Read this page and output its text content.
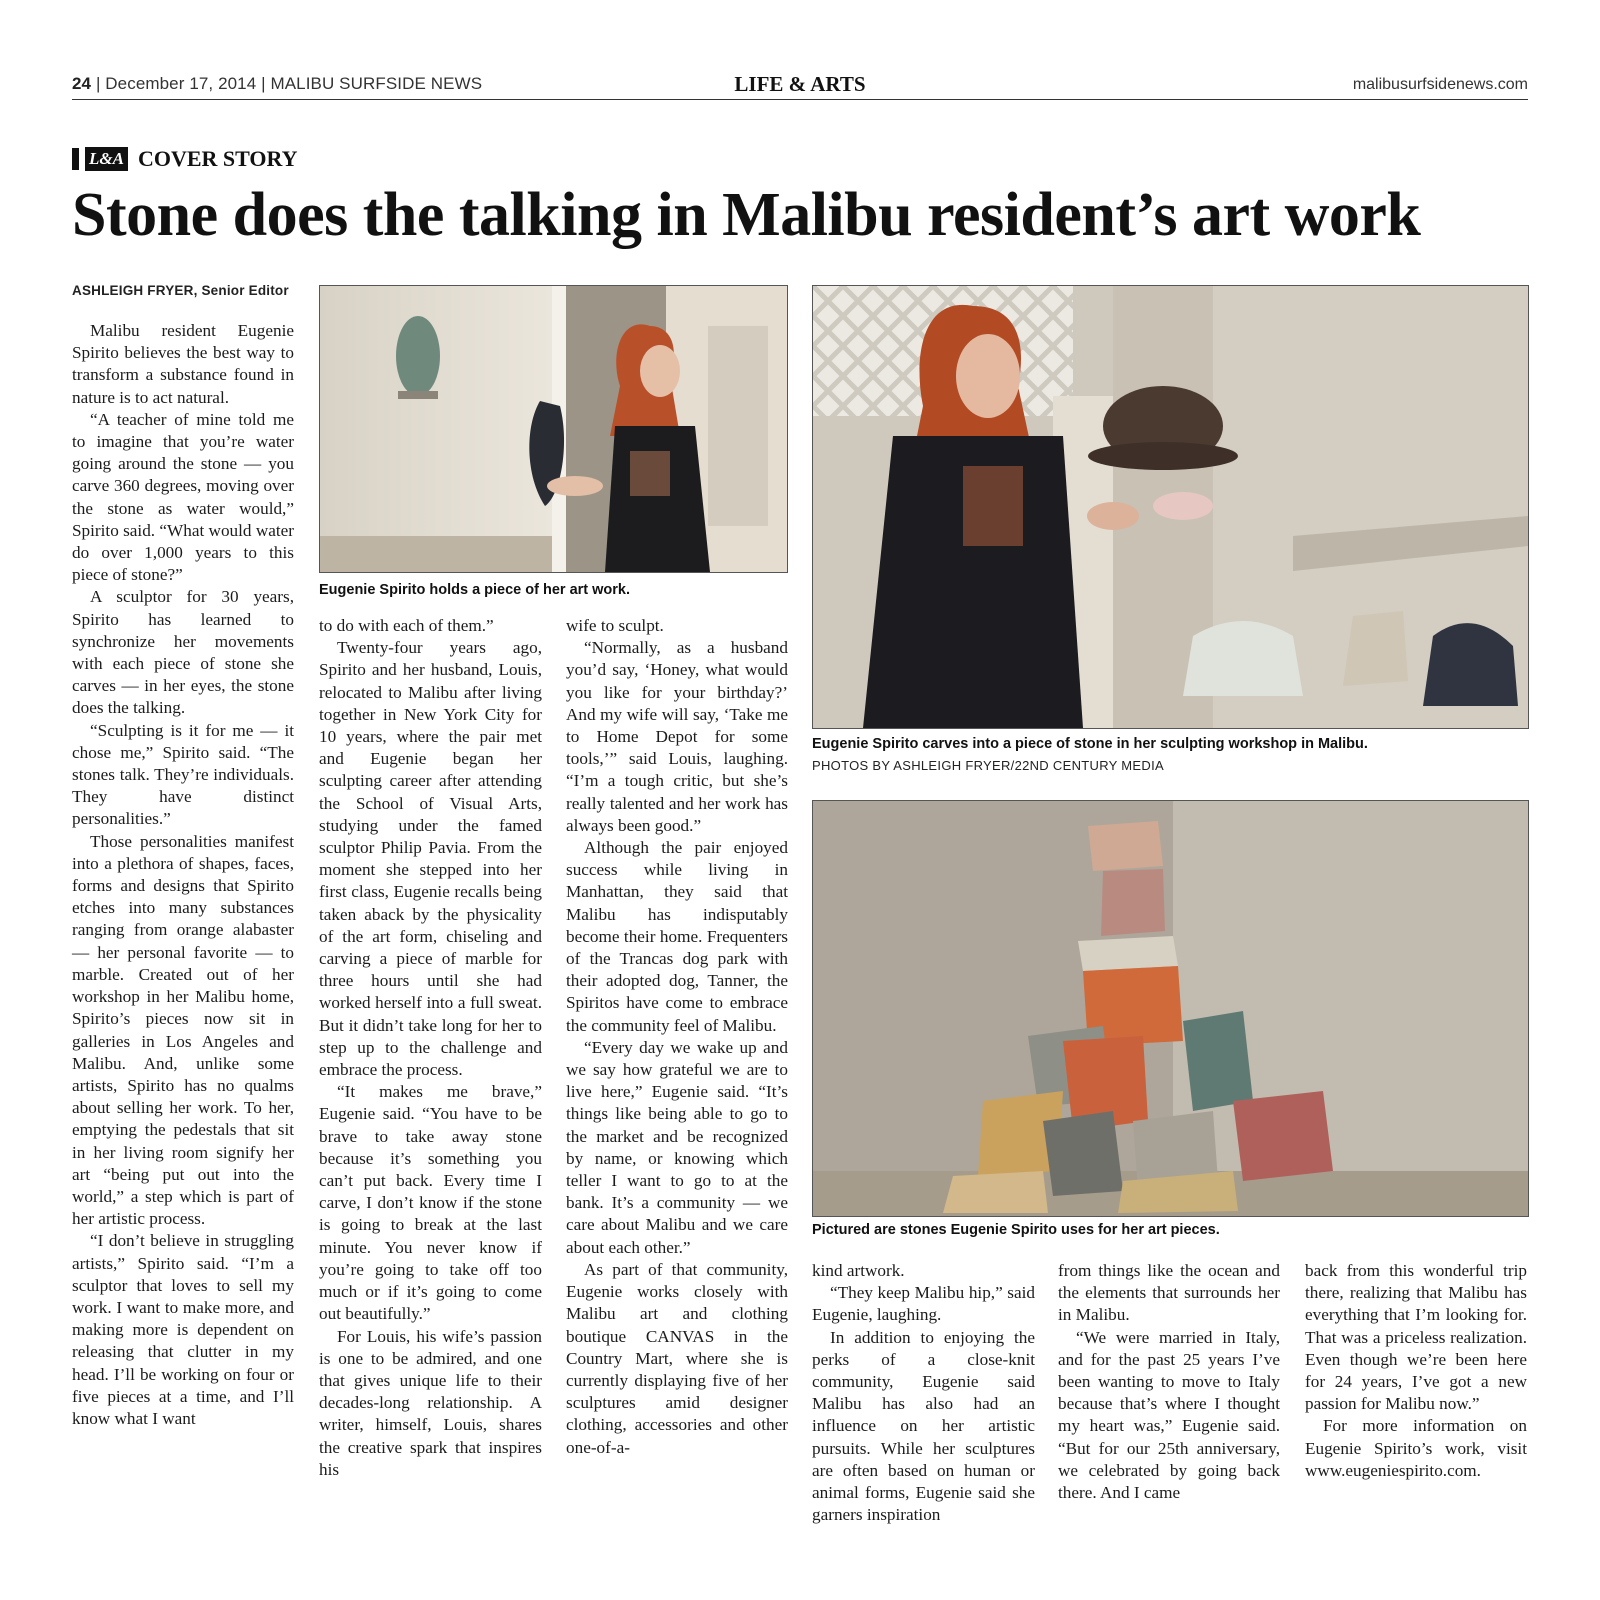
24 | December 17, 2014 | MALIBU SURFSIDE NEWS	LIFE & ARTS	malibusurfsidenews.com
L&A COVER STORY
Stone does the talking in Malibu resident’s art work
ASHLEIGH FRYER, Senior Editor
Eugenie Spirito holds a piece of her art work.
Eugenie Spirito carves into a piece of stone in her sculpting workshop in Malibu.
PHOTOS BY ASHLEIGH FRYER/22ND CENTURY MEDIA
Pictured are stones Eugenie Spirito uses for her art pieces.

Malibu resident Eugenie Spirito believes the best way to transform a substance found in nature is to act natural.

“A teacher of mine told me to imagine that you’re water going around the stone — you carve 360 degrees, moving over the stone as water would,” Spirito said. “What would water do over 1,000 years to this piece of stone?”

A sculptor for 30 years, Spirito has learned to synchronize her movements with each piece of stone she carves — in her eyes, the stone does the talking.

“Sculpting is it for me — it chose me,” Spirito said. “The stones talk. They’re individuals. They have distinct personalities.”

Those personalities manifest into a plethora of shapes, faces, forms and designs that Spirito etches into many substances ranging from orange alabaster — her personal favorite — to marble. Created out of her workshop in her Malibu home, Spirito’s pieces now sit in galleries in Los Angeles and Malibu. And, unlike some artists, Spirito has no qualms about selling her work. To her, emptying the pedestals that sit in her living room signify her art “being put out into the world,” a step which is part of her artistic process.

“I don’t believe in struggling artists,” Spirito said. “I’m a sculptor that loves to sell my work. I want to make more, and making more is dependent on releasing that clutter in my head. I’ll be working on four or five pieces at a time, and I’ll know what I want

to do with each of them.”

Twenty-four years ago, Spirito and her husband, Louis, relocated to Malibu after living together in New York City for 10 years, where the pair met and Eugenie began her sculpting career after attending the School of Visual Arts, studying under the famed sculptor Philip Pavia. From the moment she stepped into her first class, Eugenie recalls being taken aback by the physicality of the art form, chiseling and carving a piece of marble for three hours until she had worked herself into a full sweat. But it didn’t take long for her to step up to the challenge and embrace the process.

“It makes me brave,” Eugenie said. “You have to be brave to take away stone because it’s something you can’t put back. Every time I carve, I don’t know if the stone is going to break at the last minute. You never know if you’re going to take off too much or if it’s going to come out beautifully.”

For Louis, his wife’s passion is one to be admired, and one that gives unique life to their decades-long relationship. A writer, himself, Louis, shares the creative spark that inspires his

wife to sculpt.

“Normally, as a husband you’d say, ‘Honey, what would you like for your birthday?’ And my wife will say, ‘Take me to Home Depot for some tools,’” said Louis, laughing. “I’m a tough critic, but she’s really talented and her work has always been good.”

Although the pair enjoyed success while living in Manhattan, they said that Malibu has indisputably become their home. Frequenters of the Trancas dog park with their adopted dog, Tanner, the Spiritos have come to embrace the community feel of Malibu.

“Every day we wake up and we say how grateful we are to live here,” Eugenie said. “It’s things like being able to go to the market and be recognized by name, or knowing which teller I want to go to at the bank. It’s a community — we care about Malibu and we care about each other.”

As part of that community, Eugenie works closely with Malibu art and clothing boutique CANVAS in the Country Mart, where she is currently displaying five of her sculptures amid designer clothing, accessories and other one-of-a-

kind artwork.

“They keep Malibu hip,” said Eugenie, laughing.

In addition to enjoying the perks of a close-knit community, Eugenie said Malibu has also had an influence on her artistic pursuits. While her sculptures are often based on human or animal forms, Eugenie said she garners inspiration

from things like the ocean and the elements that surrounds her in Malibu.

“We were married in Italy, and for the past 25 years I’ve been wanting to move to Italy because that’s where I thought my heart was,” Eugenie said. “But for our 25th anniversary, we celebrated by going back there. And I came

back from this wonderful trip there, realizing that Malibu has everything that I’m looking for. That was a priceless realization. Even though we’re been here for 24 years, I’ve got a new passion for Malibu now.”

For more information on Eugenie Spirito’s work, visit www.eugeniespirito.com.
